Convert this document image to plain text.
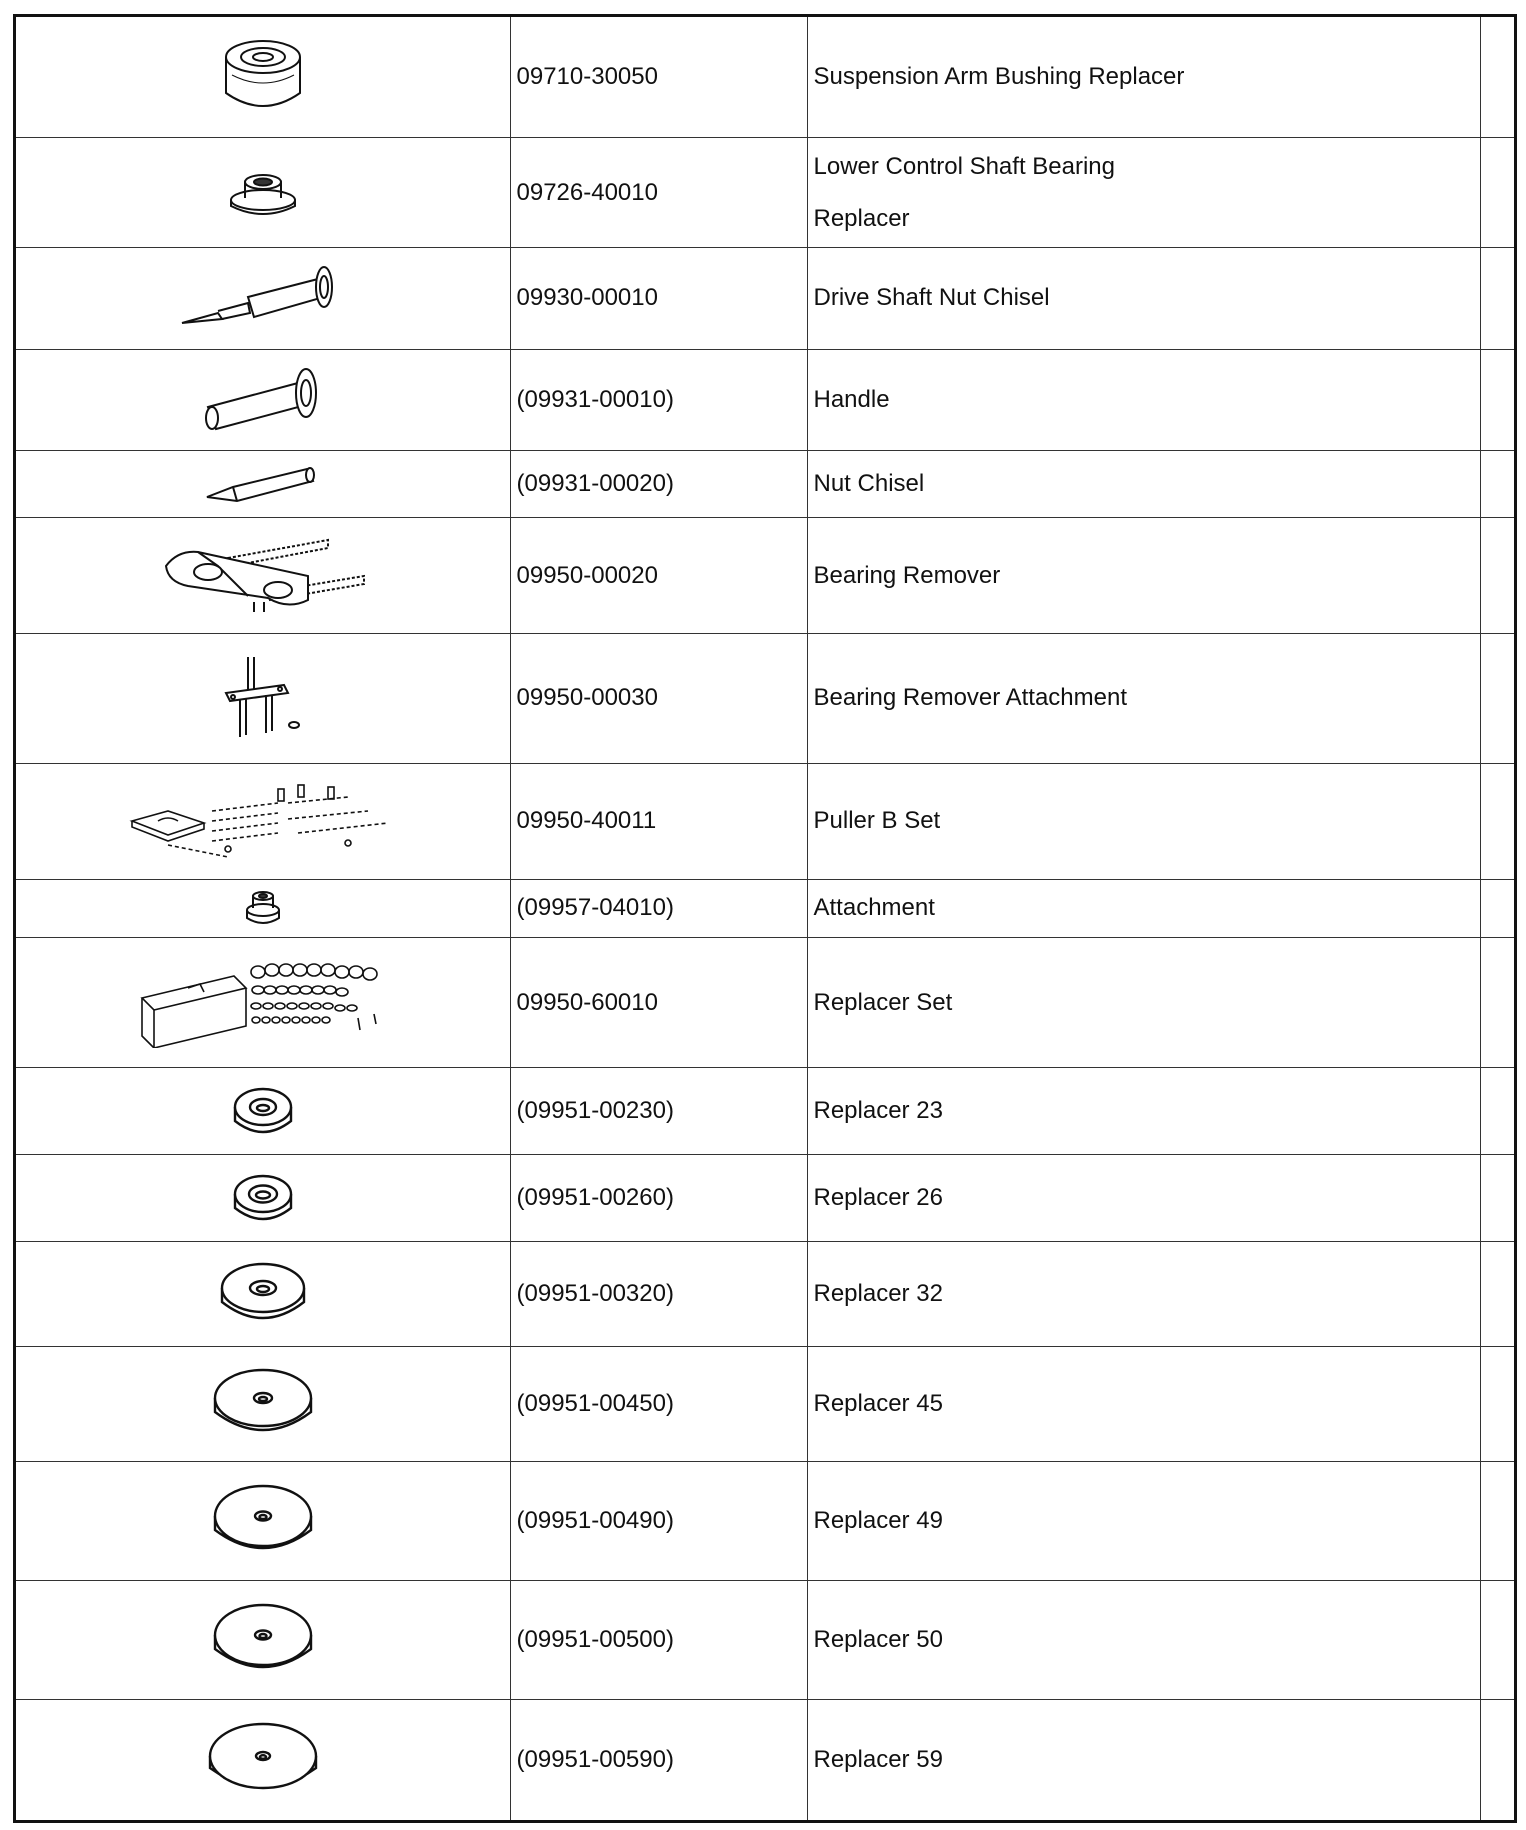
	09710-30050	Suspension Arm Bushing Replacer	

	09726-40010	Lower Control Shaft Bearing
Replacer	

	09930-00010	Drive Shaft Nut Chisel	

	(09931-00010)	Handle	

	(09931-00020)	Nut Chisel	

	09950-00020	Bearing Remover	

	09950-00030	Bearing Remover Attachment	

	09950-40011	Puller B Set	

	(09957-04010)	Attachment	

	09950-60010	Replacer Set	

	(09951-00230)	Replacer 23	

	(09951-00260)	Replacer 26	

	(09951-00320)	Replacer 32	

	(09951-00450)	Replacer 45	

	(09951-00490)	Replacer 49	

	(09951-00500)	Replacer 50	

	(09951-00590)	Replacer 59	
